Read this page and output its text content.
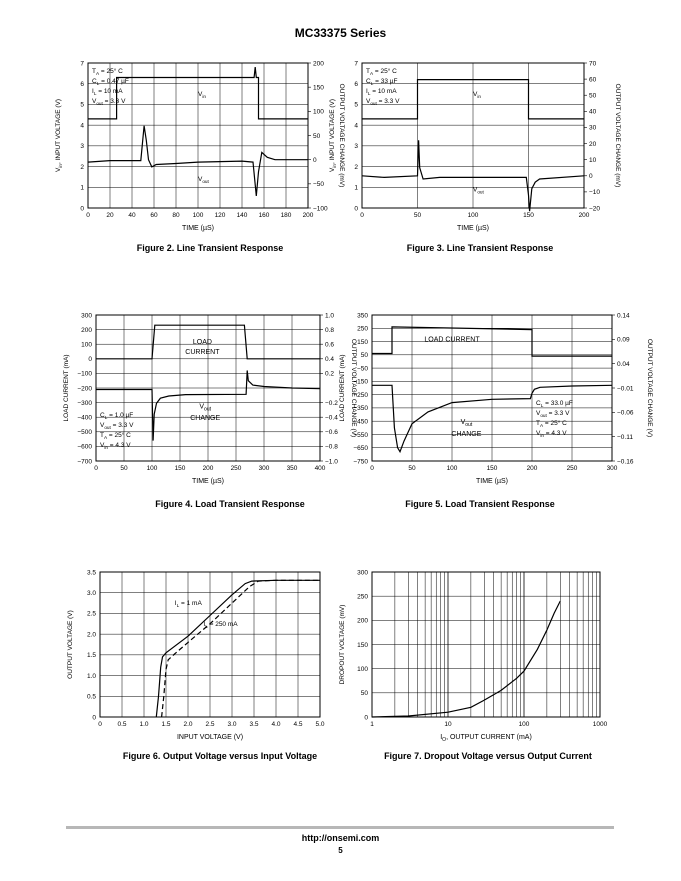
MC33375 Series
0	20 40 60 80 100 120 140 160 180 200
0
1
2
3
4
5
6
7
−100
−50
0
50
100
150
200
TIME (µS)
$V_{in}$, INPUT VOLTAGE (V)	OUTPUT VOLTAGE CHANGE (mV)
$T_A = 25^\circ$ C
$C_L = 0.47$ µF
$I_L = 10$ mA
$V_{out} = 3.3$ V
$V_{in}$
$V_{out}$
Figure 2. Line Transient Response
0	50	100	150	200
0
1
2
3
4
5
6
7
−20
−10
0
10
20
30
40
50
60
70
TIME (µS)
$V_{in}$, INPUT VOLTAGE (V)	OUTPUT VOLTAGE CHANGE (mV)
$T_A = 25^\circ$ C
$C_L = 33$ µF
$I_L = 10$ mA
$V_{out} = 3.3$ V
$V_{in}$
$V_{out}$
Figure 3. Line Transient Response
0	50	100	150	200	250	300	350	400
−700
−600
−500
−400
−300
−200
−100
0
100
200
300
−1.0
−0.8
−0.6
−0.4
−0.2
0.2
0.4
0.6
0.8
1.0
TIME (µS)
LOAD CURRENT (mA)	OUTPUT VOLTAGE CHANGE (V)
$C_L = 1.0$ µF
$V_{out} = 3.3$ V
$T_A = 25^\circ$ C
$V_{in} = 4.3$ V
LOAD
CURRENT
CHANGE
$V_{out}$
Figure 4. Load Transient Response
0	50	100	150	200	250	300
−750
−650
−550
−450
−350
−250
−150
−50
50
150
250
350
−0.16
−0.11
−0.06
−0.01
0.04
0.09
0.14
TIME (µS)
LOAD CURRENT (mA)	OUTPUT VOLTAGE CHANGE (V)
$C_L = 33.0$ µF
$V_{out} = 3.3$ V
$T_A = 25^\circ$ C
$V_{in} = 4.3$ V
LOAD CURRENT
CHANGE
$V_{out}$
Figure 5. Load Transient Response
0 0.5 1.0 1.5 2.0 2.5 3.0 3.5 4.0 4.5 5.0
0
0.5
1.0
1.5
2.0
2.5
3.0
3.5
INPUT VOLTAGE (V)
OUTPUT VOLTAGE (V)
$I_L = 1$ mA
$I_L = 250$ mA
Figure 6. Output Voltage versus Input Voltage
1	10	100	1000
0
50
100
150
200
250
300
$I_O$, OUTPUT CURRENT (mA)
DROPOUT VOLTAGE (mV)
Figure 7. Dropout Voltage versus Output Current
http://onsemi.com
5
